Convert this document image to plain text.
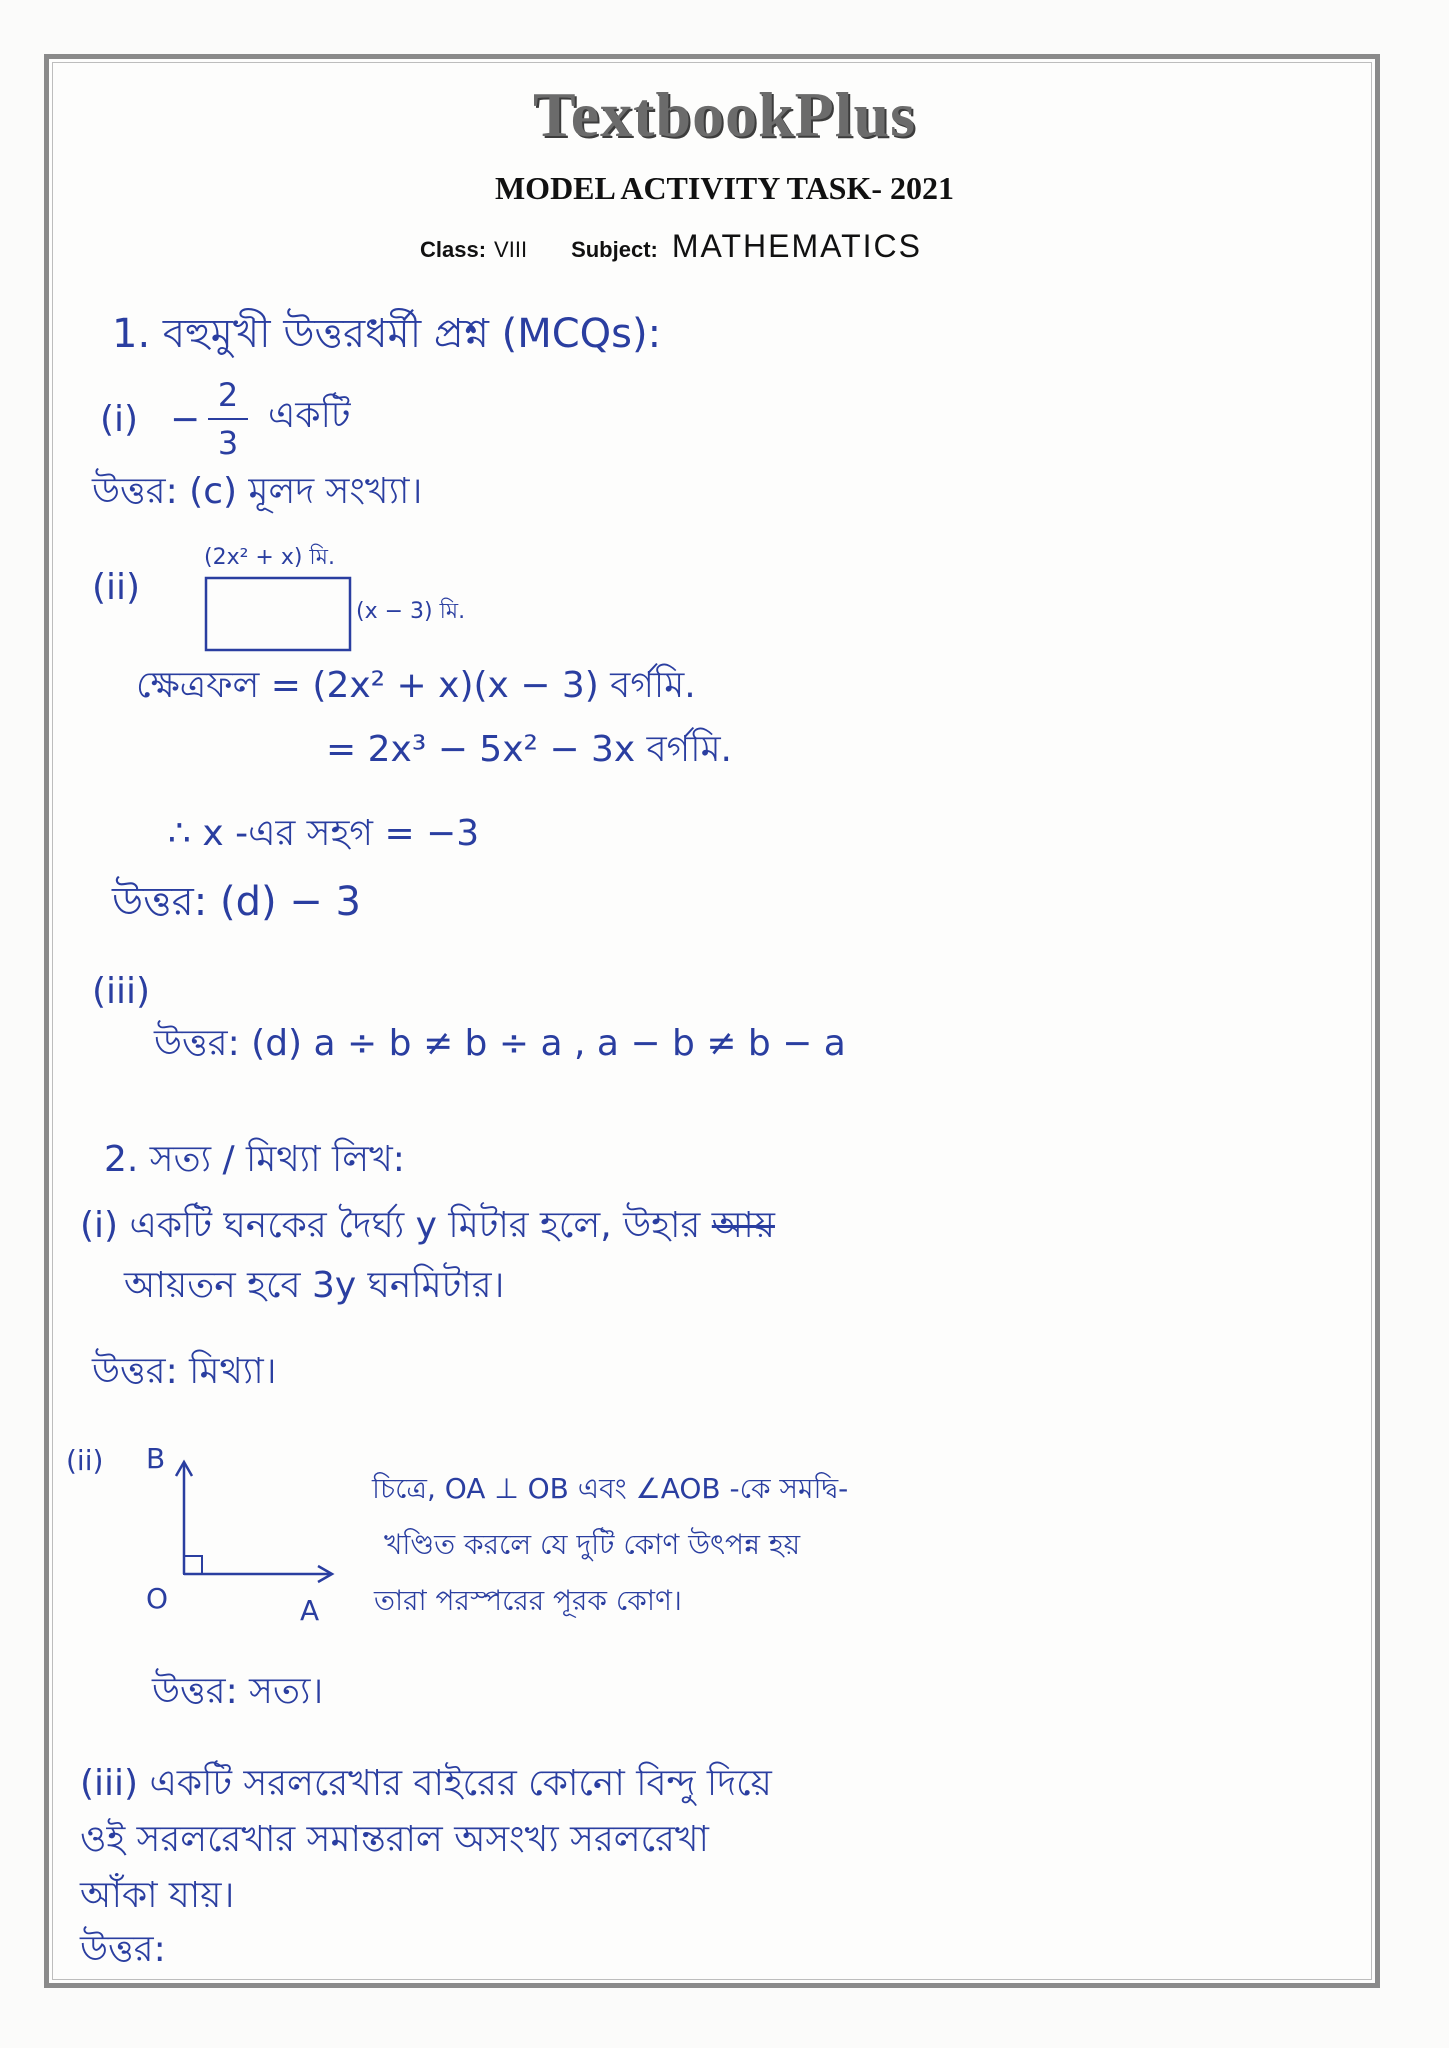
TextbookPlus
MODEL ACTIVITY TASK- 2021
Class: VIII Subject: MATHEMATICS
1. বহুমুখী উত্তরধর্মী প্রশ্ন (MCQs):
(i) −
2
3
একটি
উত্তর: (c) মূলদ সংখ্যা।
(ii)
(2x² + x) মি.
(x − 3) মি.
ক্ষেত্রফল = (2x² + x)(x − 3) বর্গমি.
= 2x³ − 5x² − 3x বর্গমি.
∴ x -এর সহগ = −3
উত্তর: (d) − 3
(iii)
উত্তর: (d) a ÷ b ≠ b ÷ a , a − b ≠ b − a
2. সত্য / মিথ্যা লিখ:
(i) একটি ঘনকের দৈর্ঘ্য y মিটার হলে, উহার আয়
আয়তন হবে 3y ঘনমিটার।
উত্তর: মিথ্যা।
(ii) B
O	A
চিত্রে, OA ⊥ OB এবং ∠AOB -কে সমদ্বি-
খণ্ডিত করলে যে দুটি কোণ উৎপন্ন হয়
তারা পরস্পরের পূরক কোণ।
উত্তর: সত্য।
(iii) একটি সরলরেখার বাইরের কোনো বিন্দু দিয়ে
ওই সরলরেখার সমান্তরাল অসংখ্য সরলরেখা
আঁকা যায়।
উত্তর:
